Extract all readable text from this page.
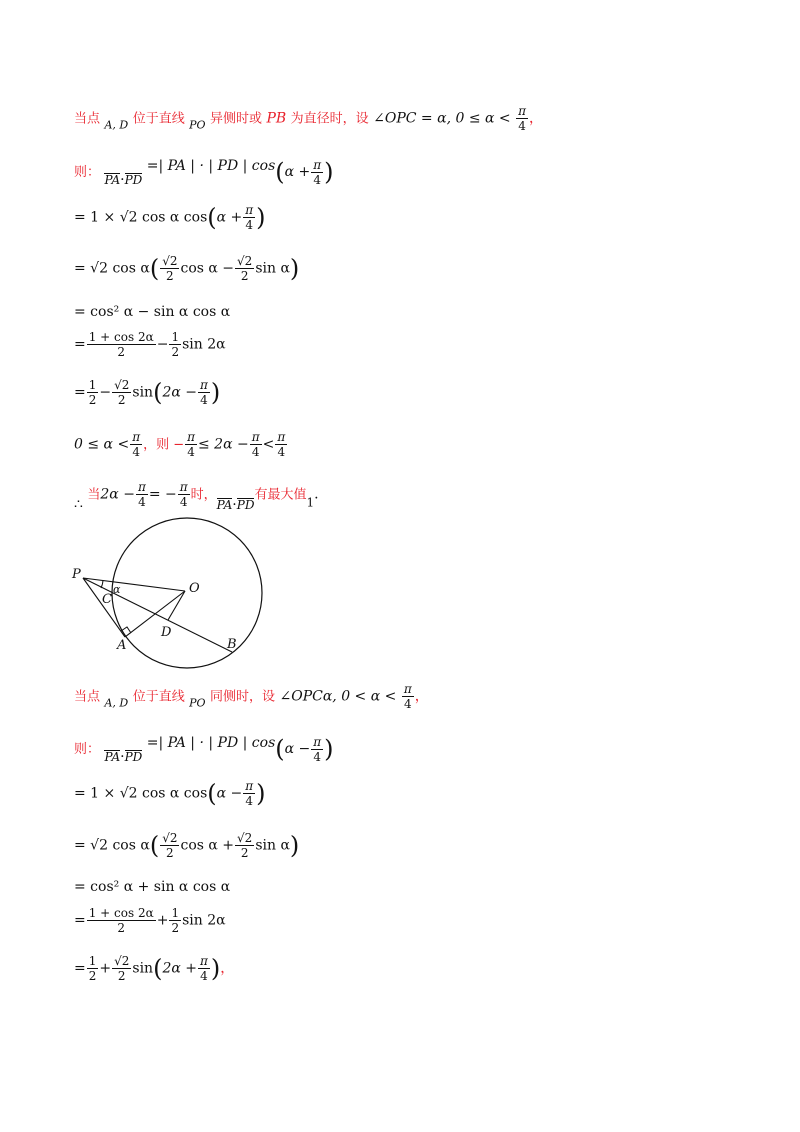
当点 $_{A, D}$ 位于直线 $_{PO}$ 异侧时或 PB 为直径时，设 ∠OPC = α, $0 \le \alpha < \frac{\pi}{4}$ ，
则： PA·PD =| PA | · | PD | $\cos(\alpha + \frac{\pi}{4}$ )
= 1 × √2 cos α $\cos(\alpha + \frac{\pi}{4}$ )
= √2 $\cos \alpha( \frac{√2}{2}$ $\cos \alpha - \frac{√2}{2}$ sin α)
= cos² α − sin α cos α
= $\frac{1 + \cos 2\alpha}{2} - \frac{1}{2}$ sin 2α
= $\frac{1}{2} - \frac{√2}{2} \sin(2\alpha - \frac{\pi}{4}$ )
$0 \le \alpha < \frac{\pi}{4}$ ，则 − $\frac{\pi}{4} \le 2\alpha - \frac{\pi}{4} < \frac{\pi}{4}$
∴ 当$2\alpha - \frac{\pi}{4}$ = − $\frac{\pi}{4}$ 时，PA·PD有最大值1.
P
O
C
α
A
D
B
当点 $_{A, D}$ 位于直线 $_{PO}$ 同侧时，设 ∠OPCα, $0 < \alpha < \frac{\pi}{4}$ ，
则： PA·PD =| PA | · | PD | $\cos(\alpha - \frac{\pi}{4}$ )
= 1 × √2 cos α $\cos(\alpha - \frac{\pi}{4}$ )
= √2 $\cos \alpha( \frac{√2}{2}$ $\cos \alpha + \frac{√2}{2}$ sin α)
= cos² α + sin α cos α
= $\frac{1 + \cos 2\alpha}{2} + \frac{1}{2}$ sin 2α
= $\frac{1}{2} + \frac{√2}{2} \sin(2\alpha + \frac{\pi}{4}$ )，
